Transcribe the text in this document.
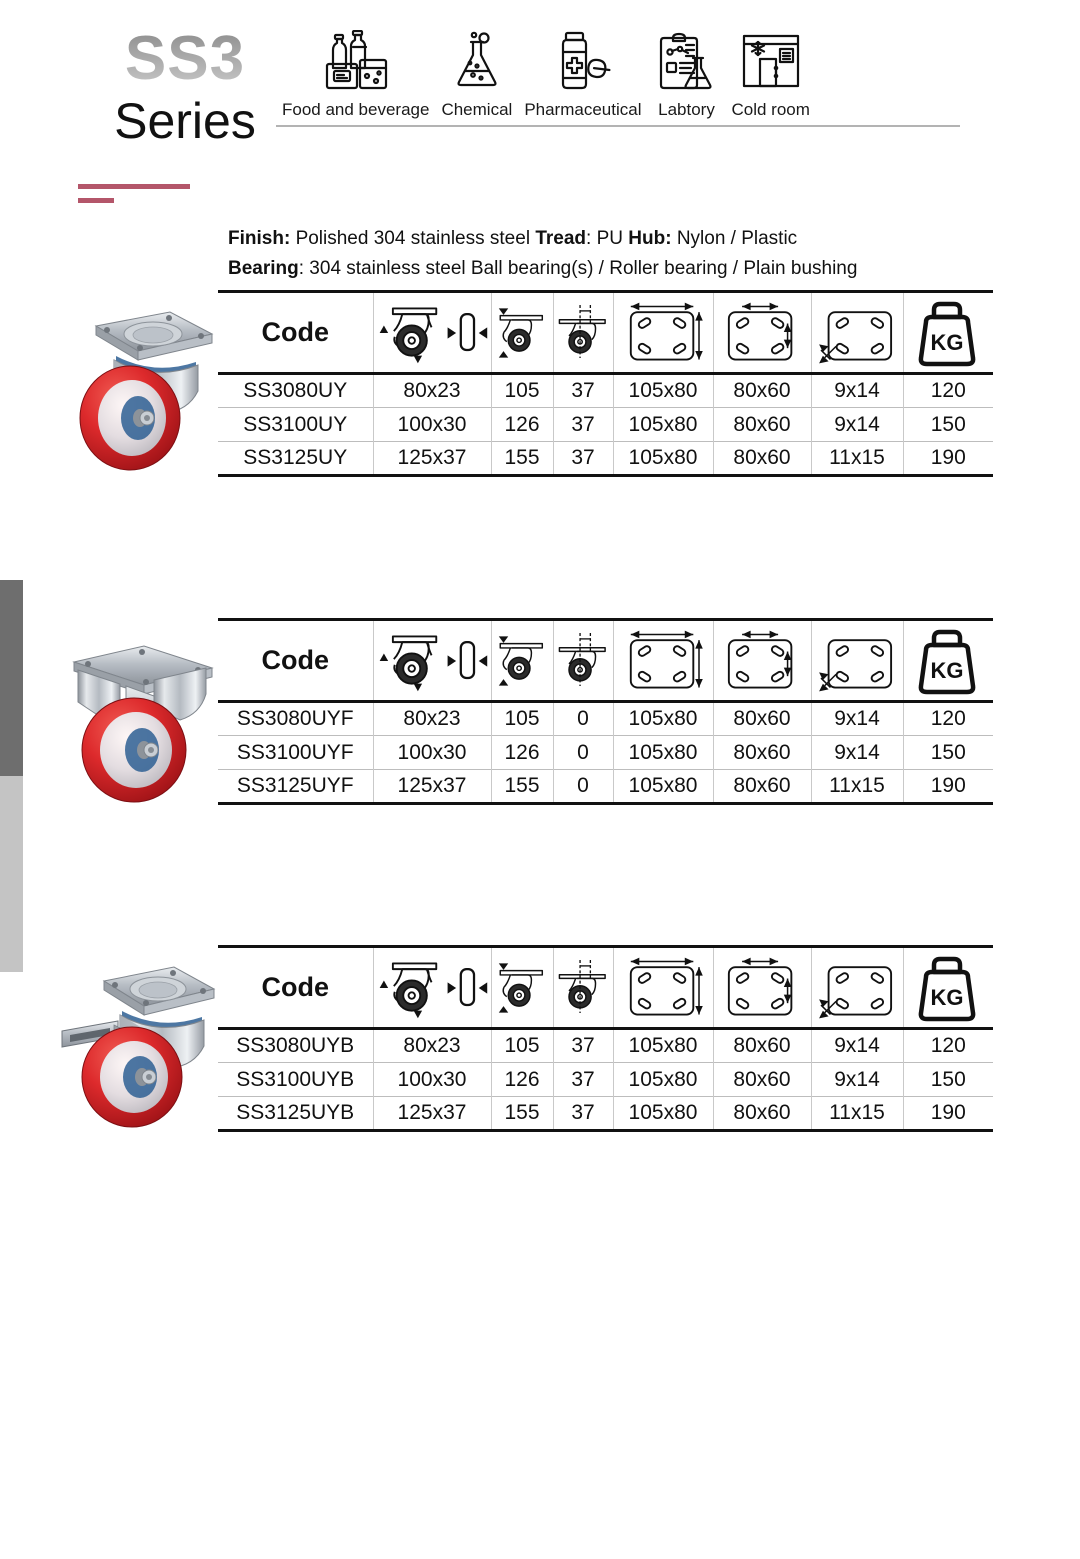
SS3
Series	Food and beverage Chemical Pharmaceutical Labtory Cold room
Finish: Polished 304 stainless steel Tread: PU Hub: Nylon / Plastic
Bearing: 304 stainless steel Ball bearing(s) / Roller bearing / Plain bushing
Code	

SS3080UY	80x23	105	37	105x80	80x60	9x14	120
SS3100UY	100x30	126	37	105x80	80x60	9x14	150
SS3125UY	125x37	155	37	105x80	80x60	11x15	190
Code	

SS3080UYF	80x23	105	0	105x80	80x60	9x14	120
SS3100UYF	100x30	126	0	105x80	80x60	9x14	150
SS3125UYF	125x37	155	0	105x80	80x60	11x15	190
Code	

SS3080UYB	80x23	105	37	105x80	80x60	9x14	120
SS3100UYB	100x30	126	37	105x80	80x60	9x14	150
SS3125UYB	125x37	155	37	105x80	80x60	11x15	190
